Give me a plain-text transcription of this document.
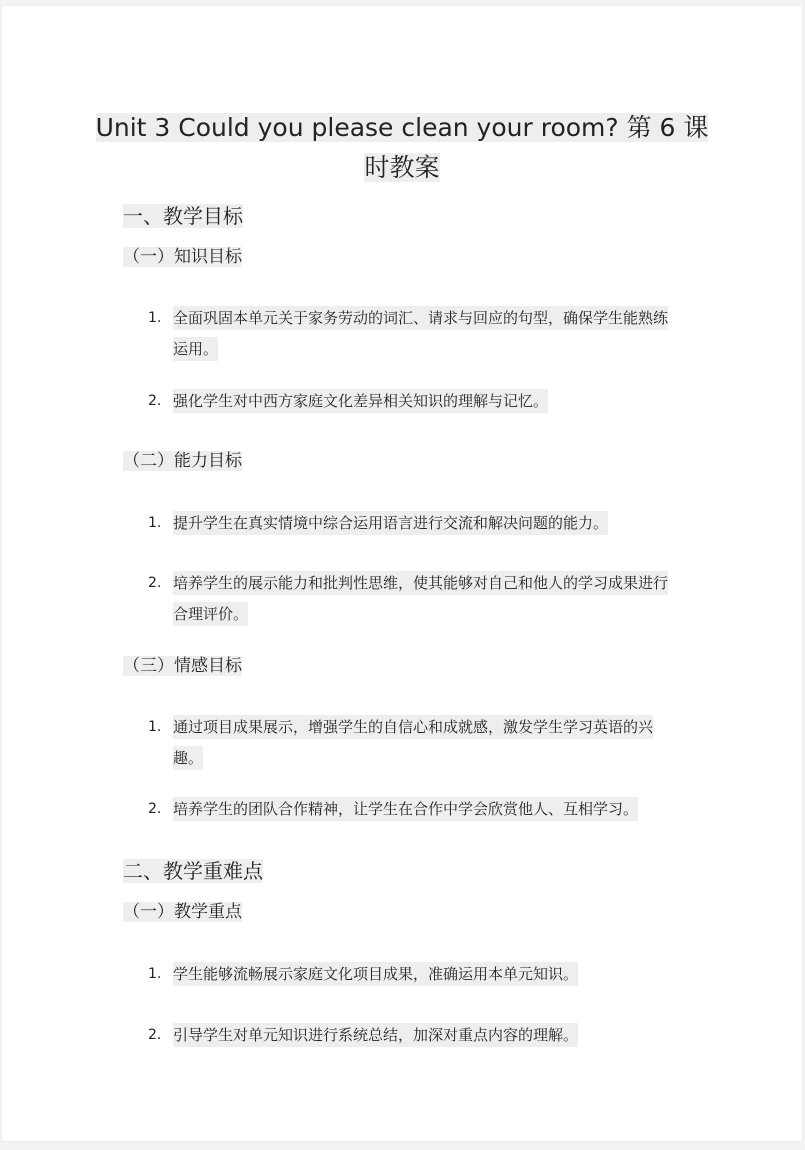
Unit 3 Could you please clean your room? 第 6 课
时教案
一、教学目标
（一）知识目标
1. 全面巩固本单元关于家务劳动的词汇、请求与回应的句型，确保学生能熟练运用。
2. 强化学生对中西方家庭文化差异相关知识的理解与记忆。
（二）能力目标
1. 提升学生在真实情境中综合运用语言进行交流和解决问题的能力。
2. 培养学生的展示能力和批判性思维，使其能够对自己和他人的学习成果进行合理评价。
（三）情感目标
1. 通过项目成果展示，增强学生的自信心和成就感，激发学生学习英语的兴趣。
2. 培养学生的团队合作精神，让学生在合作中学会欣赏他人、互相学习。
二、教学重难点
（一）教学重点
1. 学生能够流畅展示家庭文化项目成果，准确运用本单元知识。
2. 引导学生对单元知识进行系统总结，加深对重点内容的理解。
